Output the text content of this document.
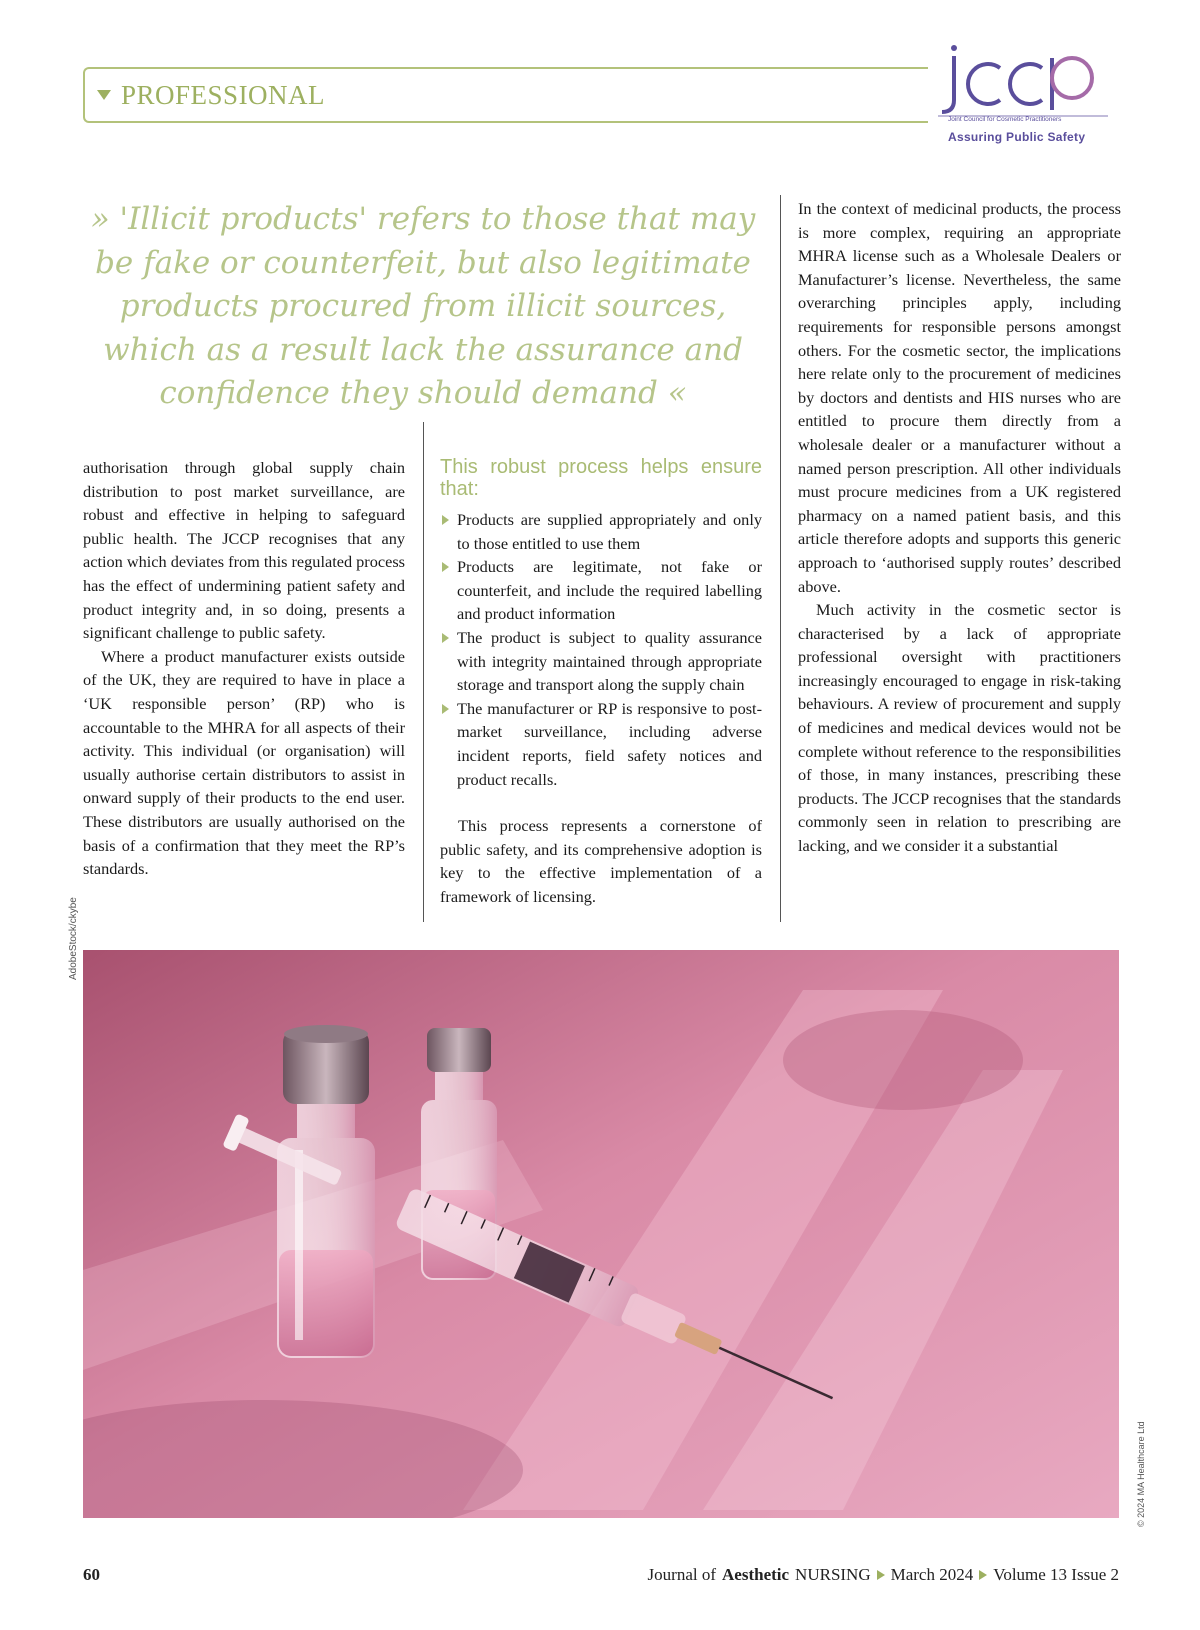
PROFESSIONAL
Joint Council for Cosmetic Practitioners
Assuring Public Safety
» 'Illicit products' refers to those that may be fake or counterfeit, but also legitimate products procured from illicit sources, which as a result lack the assurance and confidence they should demand «

authorisation through global supply chain distribution to post market surveillance, are robust and effective in helping to safeguard public health. The JCCP recognises that any action which deviates from this regulated process has the effect of undermining patient safety and product integrity and, in so doing, presents a significant challenge to public safety.

Where a product manufacturer exists outside of the UK, they are required to have in place a ‘UK responsible person’ (RP) who is accountable to the MHRA for all aspects of their activity. This individual (or organisation) will usually authorise certain distributors to assist in onward supply of their products to the end user. These distributors are usually authorised on the basis of a confirmation that they meet the RP’s standards.

This robust process helps ensure that:
Products are supplied appropriately and only to those entitled to use them
Products are legitimate, not fake or counterfeit, and include the required labelling and product information
The product is subject to quality assurance with integrity maintained through appropriate storage and transport along the supply chain
The manufacturer or RP is responsive to post-market surveillance, including adverse incident reports, field safety notices and product recalls.

This process represents a cornerstone of public safety, and its comprehensive adoption is key to the effective implementation of a framework of licensing.

In the context of medicinal products, the process is more complex, requiring an appropriate MHRA license such as a Wholesale Dealers or Manufacturer’s license. Nevertheless, the same overarching principles apply, including requirements for responsible persons amongst others. For the cosmetic sector, the implications here relate only to the procurement of medicines by doctors and dentists and HIS nurses who are entitled to procure them directly from a wholesale dealer or a manufacturer without a named person prescription. All other individuals must procure medicines from a UK registered pharmacy on a named patient basis, and this article therefore adopts and supports this generic approach to ‘authorised supply routes’ described above.

Much activity in the cosmetic sector is characterised by a lack of appropriate professional oversight with practitioners increasingly encouraged to engage in risk-taking behaviours. A review of procurement and supply of medicines and medical devices would not be complete without reference to the responsibilities of those, in many instances, prescribing these products. The JCCP recognises that the standards commonly seen in relation to prescribing are lacking, and we consider it a substantial

AdobeStock/ckybe
© 2024 MA Healthcare Ltd
60	Journal of Aesthetic NURSING March 2024 Volume 13 Issue 2
